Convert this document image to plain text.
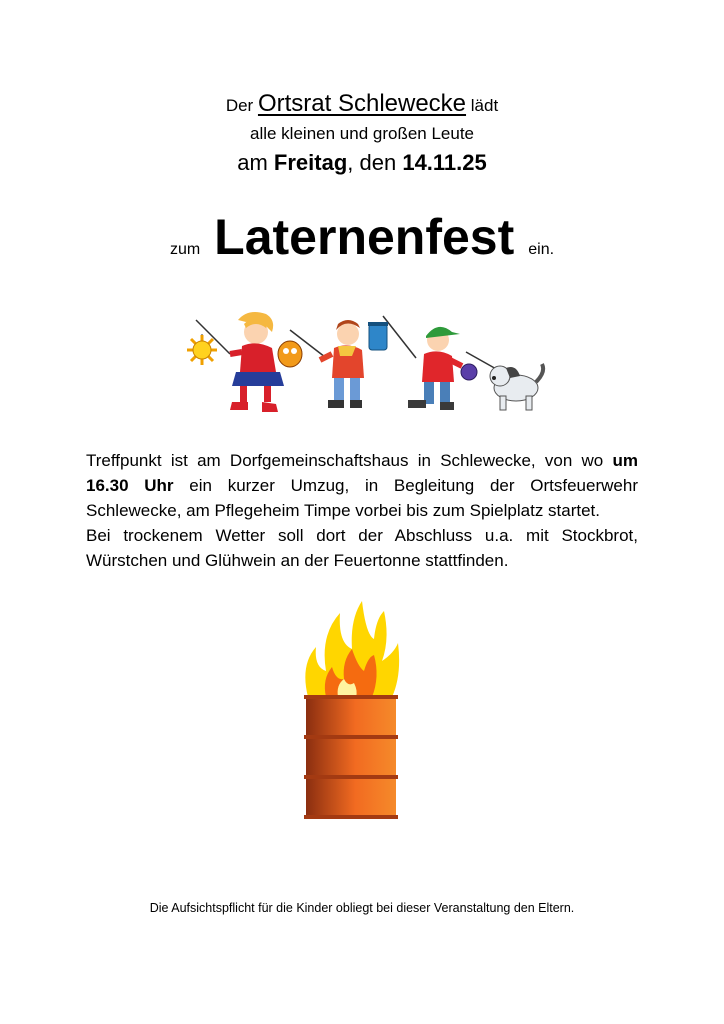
Der Ortsrat Schlewecke lädt
alle kleinen und großen Leute
am Freitag, den 14.11.25
zum Laternenfest ein.

Treffpunkt ist am Dorfgemeinschaftshaus in Schlewecke, von wo um

16.30 Uhr ein kurzer Umzug, in Begleitung der Ortsfeuerwehr

Schlewecke, am Pflegeheim Timpe vorbei bis zum Spielplatz startet.

Bei trockenem Wetter soll dort der Abschluss u.a. mit Stockbrot,

Würstchen und Glühwein an der Feuertonne stattfinden.

Die Aufsichtspflicht für die Kinder obliegt bei dieser Veranstaltung den Eltern.
